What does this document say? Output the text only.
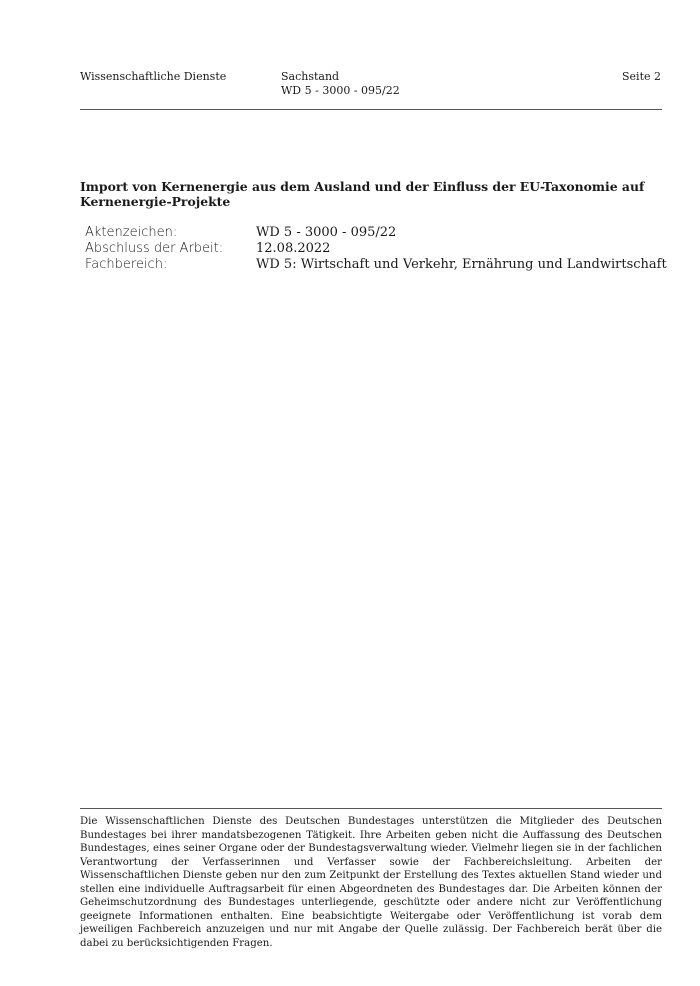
Wissenschaftliche Dienste	Sachstand
WD 5 - 3000 - 095/22
Seite 2
Import von Kernenergie aus dem Ausland und der Einfluss der EU-Taxonomie auf Kernenergie-Projekte
Aktenzeichen:	WD 5 - 3000 - 095/22
Abschluss der Arbeit:	12.08.2022
Fachbereich:	WD 5: Wirtschaft und Verkehr, Ernährung und Landwirtschaft

Die Wissenschaftlichen Dienste des Deutschen Bundestages unterstützen die Mitglieder des Deutschen Bundestages bei ihrer mandatsbezogenen Tätigkeit. Ihre Arbeiten geben nicht die Auffassung des Deutschen Bundestages, eines seiner Organe oder der Bundestagsverwaltung wieder. Vielmehr liegen sie in der fachlichen Verantwortung der Verfasserinnen und Verfasser sowie der Fachbereichsleitung. Arbeiten der Wissenschaftlichen Dienste geben nur den zum Zeitpunkt der Erstellung des Textes aktuellen Stand wieder und stellen eine individuelle Auftragsarbeit für einen Abgeordneten des Bundestages dar. Die Arbeiten können der Geheimschutzordnung des Bundestages unterliegende, geschützte oder andere nicht zur Veröffentlichung geeignete Informationen enthalten. Eine beabsichtigte Weitergabe oder Veröffentlichung ist vorab dem jeweiligen Fachbereich anzuzeigen und nur mit Angabe der Quelle zulässig. Der Fachbereich berät über die dabei zu berücksichtigenden Fragen.
